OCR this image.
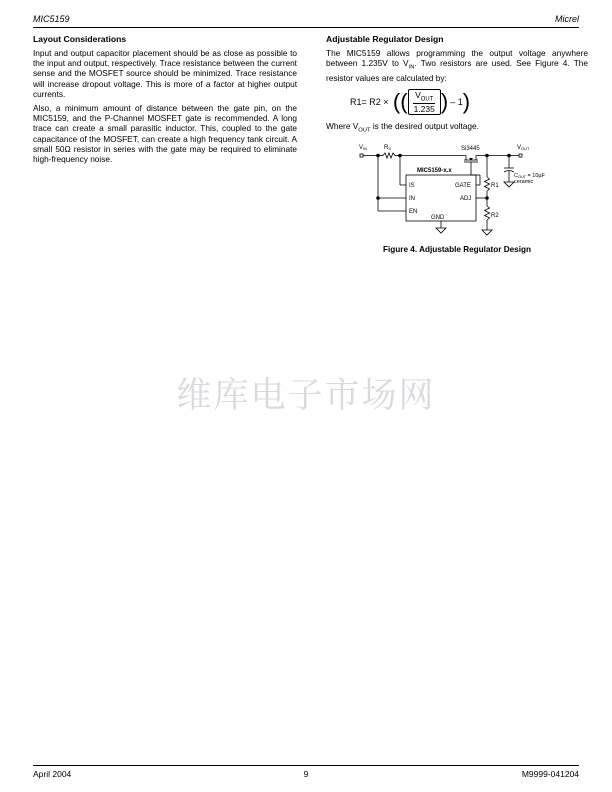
MIC5159	Micrel
Layout Considerations

Input and output capacitor placement should be as close as possible to the input and output, respectively. Trace resistance between the current sense and the MOSFET source should be minimized. Trace resistance will increase dropout voltage. This is more of a factor at higher output currents.

Also, a minimum amount of distance between the gate pin, on the MIC5159, and the P-Channel MOSFET gate is recommended. A long trace can create a small parasitic inductor. This, coupled to the gate capacitance of the MOSFET, can create a high frequency tank circuit. A small 50Ω resistor in series with the gate may be required to eliminate high-frequency noise.

Adjustable Regulator Design

The MIC5159 allows programming the output voltage anywhere between 1.235V to $V_{IN}$. Two resistors are used. See Figure 4. The resistor values are calculated by:

R1= R2 ×  ( ( $\frac{V_{OUT}}{1.235}$ ) – 1 )

Where $V_{OUT}$ is the desired output voltage.

VIN	RS	Si3445	VOUT
MIC5159-x.x
IS	GATE
IN	ADJ
EN
GND
R1
R2
COUT = 10µF
ceramic
Figure 4. Adjustable Regulator Design
维库电子市场网
April 2004	9	M9999-041204
